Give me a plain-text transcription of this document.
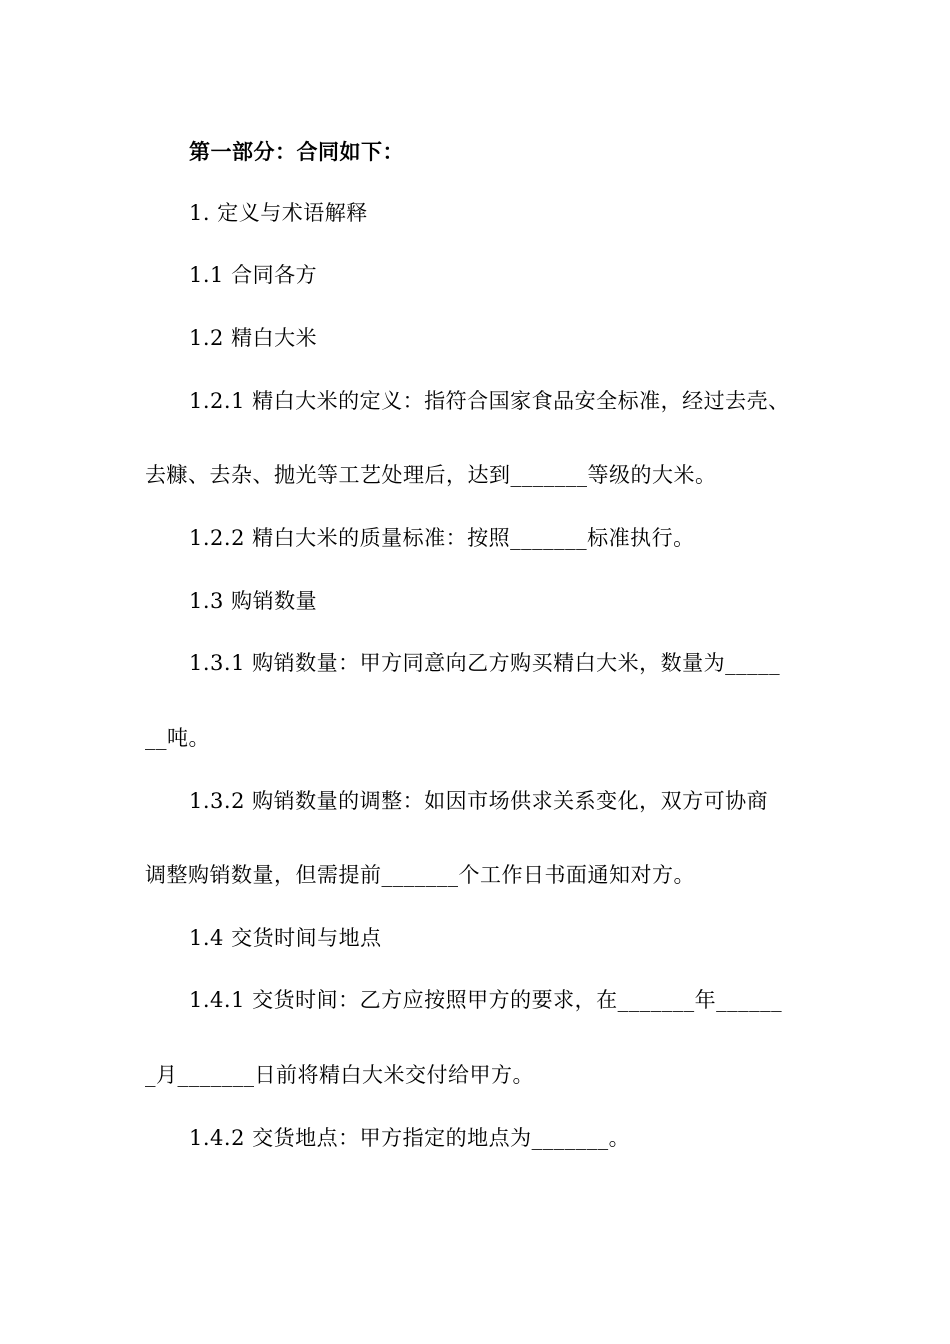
第一部分：合同如下：
1. 定义与术语解释
1.1 合同各方
1.2 精白大米
1.2.1 精白大米的定义：指符合国家食品安全标准，经过去壳、
去糠、去杂、抛光等工艺处理后，达到_______等级的大米。
1.2.2 精白大米的质量标准：按照_______标准执行。
1.3 购销数量
1.3.1 购销数量：甲方同意向乙方购买精白大米，数量为_____
__吨。
1.3.2 购销数量的调整：如因市场供求关系变化，双方可协商
调整购销数量，但需提前_______个工作日书面通知对方。
1.4 交货时间与地点
1.4.1 交货时间：乙方应按照甲方的要求，在_______年______
_月_______日前将精白大米交付给甲方。
1.4.2 交货地点：甲方指定的地点为_______。
